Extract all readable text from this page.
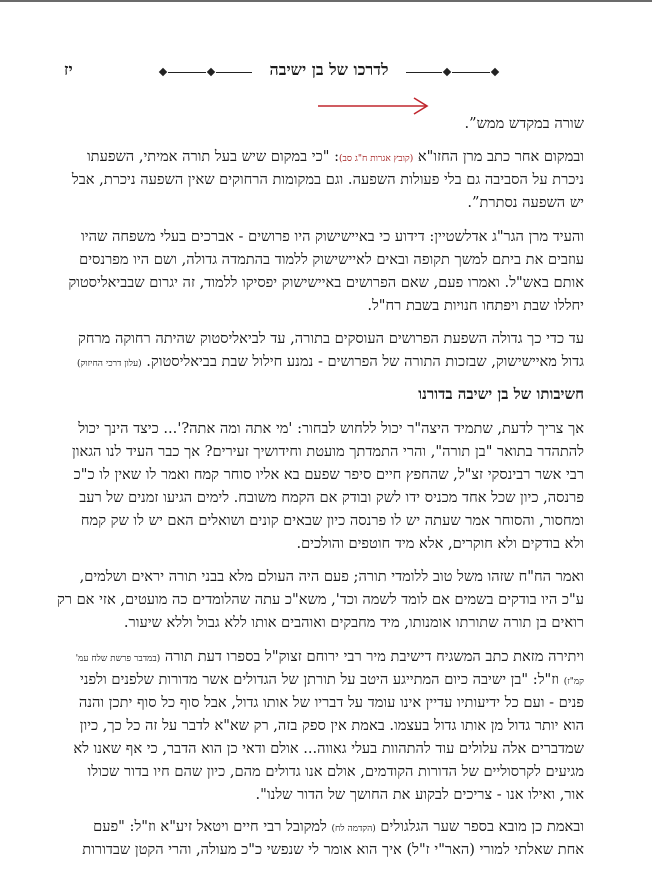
יז	לדרכו של בן ישיבה
שורה במקדש ממש”.
ובמקום אחר כתב מרן החזו"א (קובץ אגרות ח"ג סב): "כי במקום שיש בעל תורה אמיתי, השפעתו
ניכרת על הסביבה גם בלי פעולות השפעה. וגם במקומות הרחוקים שאין השפעה ניכרת, אבל
יש השפעה נסתרת”.
והעיד מרן הגר"ג אדלשטיין: דידוע כי באיישישוק היו פרושים - אברכים בעלי משפחה שהיו
עוזבים את ביתם למשך תקופה ובאים לאיישישוק ללמוד בהתמדה גדולה, ושם היו מפרנסים
אותם באש"ל. ואמרו פעם, שאם הפרושים באיישישוק יפסיקו ללמוד, זה יגרום שבביאליסטוק
יחללו שבת ויפתחו חנויות בשבת רח"ל.
עד כדי כך גדולה השפעת הפרושים העוסקים בתורה, עד לביאליסטוק שהיתה רחוקה מרחק
גדול מאיישישוק, שבזכות התורה של הפרושים - נמנע חילול שבת בביאליסטוק. (עלון דרכי החיזוק)
חשיבותו של בן ישיבה בדורנו
אך צריך לדעת, שתמיד היצה"ר יכול ללחוש לבחור: 'מי אתה ומה אתה?'... כיצד הינך יכול
להתהדר בתואר "בן תורה", והרי התמדתך מועטת וחידושיך זעירים? אך כבר העיד לנו הגאון
רבי אשר רבינסקי זצ"ל, שהחפץ חיים סיפר שפעם בא אליו סוחר קמח ואמר לו שאין לו כ"כ
פרנסה, כיון שכל אחד מכניס ידו לשק ובודק אם הקמח משובח. לימים הגיעו זמנים של רעב
ומחסור, והסוחר אמר שעתה יש לו פרנסה כיון שבאים קונים ושואלים האם יש לו שק קמח
ולא בודקים ולא חוקרים, אלא מיד חוטפים והולכים.
ואמר הח"ח שזהו משל טוב ללומדי תורה; פעם היה העולם מלא בבני תורה יראים ושלמים,
ע"כ היו בודקים בשמים אם לומד לשמה וכד', משא"כ עתה שהלומדים כה מועטים, אזי אם רק
רואים בן תורה שתורתו אומנותו, מיד מחבקים ואוהבים אותו ללא גבול וללא שיעור.
ויתירה מזאת כתב המשגיח דישיבת מיר רבי ירוחם זצוק"ל בספרו דעת תורה (במדבר פרשת שלח עמ'
קמ"ז) וז"ל: "בן ישיבה כיום המתייגע היטב על תורתן של הגדולים אשר מדורות שלפנים ולפני
פנים - ועם כל ידיעותיו עדיין אינו עומד על דבריו של אותו גדול, אבל סוף כל סוף יתכן והנה
הוא יותר גדול מן אותו גדול בעצמו. באמת אין ספק בזה, רק שא"א לדבר על זה כל כך, כיון
שמדברים אלה עלולים עוד להתהוות בעלי גאווה... אולם ודאי כן הוא הדבר, כי אף שאנו לא
מגיעים לקרסוליים של הדורות הקודמים, אולם אנו גדולים מהם, כיון שהם חיו בדור שכולו
אור, ואילו אנו - צריכים לבקוע את החושך של הדור שלנו".
ובאמת כן מובא בספר שער הגלגולים (הקדמה לח) למקובל רבי חיים ויטאל זיע"א וז"ל: "פעם
אחת שאלתי למורי (האר"י ז"ל) איך הוא אומר לי שנפשי כ"כ מעולה, והרי הקטן שבדורות
